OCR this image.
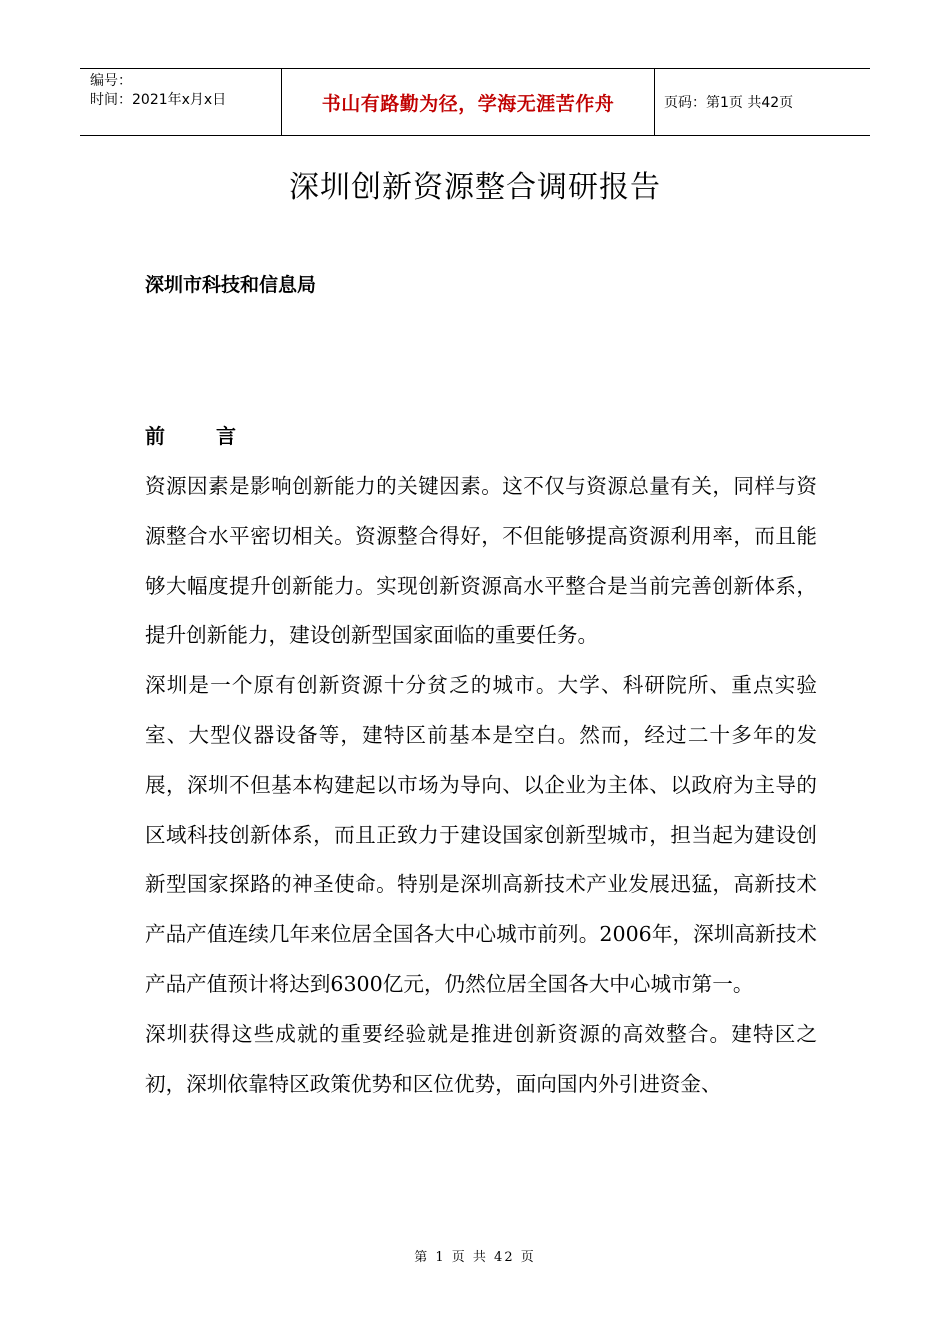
编号：
时间：2021年x月x日	书山有路勤为径，学海无涯苦作舟	页码：第1页 共42页
深圳创新资源整合调研报告
深圳市科技和信息局
前 言

资源因素是影响创新能力的关键因素。这不仅与资源总量有关，同样与资源整合水平密切相关。资源整合得好，不但能够提高资源利用率，而且能够大幅度提升创新能力。实现创新资源高水平整合是当前完善创新体系，提升创新能力，建设创新型国家面临的重要任务。

深圳是一个原有创新资源十分贫乏的城市。大学、科研院所、重点实验室、大型仪器设备等，建特区前基本是空白。然而，经过二十多年的发展，深圳不但基本构建起以市场为导向、以企业为主体、以政府为主导的区域科技创新体系，而且正致力于建设国家创新型城市，担当起为建设创新型国家探路的神圣使命。特别是深圳高新技术产业发展迅猛，高新技术产品产值连续几年来位居全国各大中心城市前列。2006年，深圳高新技术产品产值预计将达到6300亿元，仍然位居全国各大中心城市第一。

深圳获得这些成就的重要经验就是推进创新资源的高效整合。建特区之初，深圳依靠特区政策优势和区位优势，面向国内外引进资金、

第 1 页 共 42 页
